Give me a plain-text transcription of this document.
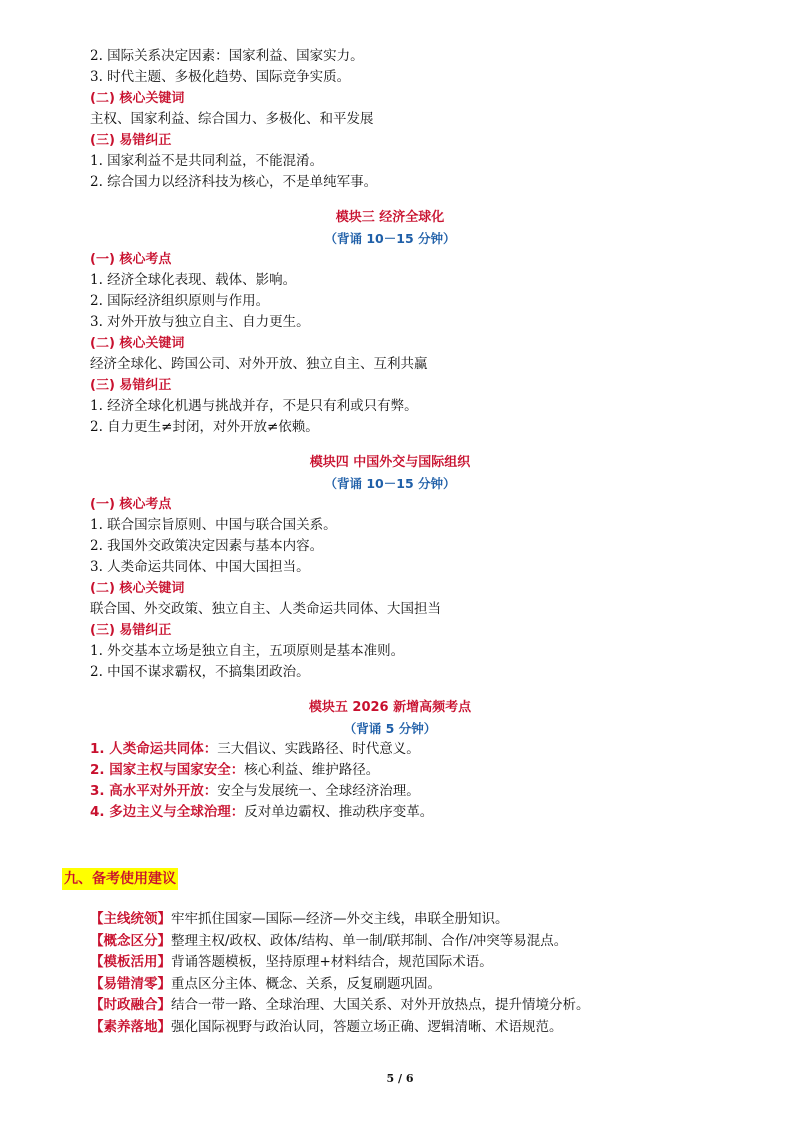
2. 国际关系决定因素：国家利益、国家实力。
3. 时代主题、多极化趋势、国际竞争实质。
(二) 核心关键词
主权、国家利益、综合国力、多极化、和平发展
(三) 易错纠正
1. 国家利益不是共同利益，不能混淆。
2. 综合国力以经济科技为核心，不是单纯军事。
模块三 经济全球化
（背诵 10－15 分钟）
(一) 核心考点
1. 经济全球化表现、载体、影响。
2. 国际经济组织原则与作用。
3. 对外开放与独立自主、自力更生。
(二) 核心关键词
经济全球化、跨国公司、对外开放、独立自主、互利共赢
(三) 易错纠正
1. 经济全球化机遇与挑战并存，不是只有利或只有弊。
2. 自力更生≠封闭，对外开放≠依赖。
模块四 中国外交与国际组织
（背诵 10－15 分钟）
(一) 核心考点
1. 联合国宗旨原则、中国与联合国关系。
2. 我国外交政策决定因素与基本内容。
3. 人类命运共同体、中国大国担当。
(二) 核心关键词
联合国、外交政策、独立自主、人类命运共同体、大国担当
(三) 易错纠正
1. 外交基本立场是独立自主，五项原则是基本准则。
2. 中国不谋求霸权，不搞集团政治。
模块五 2026 新增高频考点
（背诵 5 分钟）
1. 人类命运共同体：三大倡议、实践路径、时代意义。
2. 国家主权与国家安全：核心利益、维护路径。
3. 高水平对外开放：安全与发展统一、全球经济治理。
4. 多边主义与全球治理：反对单边霸权、推动秩序变革。
九、备考使用建议
【主线统领】牢牢抓住国家—国际—经济—外交主线，串联全册知识。
【概念区分】整理主权/政权、政体/结构、单一制/联邦制、合作/冲突等易混点。
【模板活用】背诵答题模板，坚持原理+材料结合，规范国际术语。
【易错清零】重点区分主体、概念、关系，反复刷题巩固。
【时政融合】结合一带一路、全球治理、大国关系、对外开放热点，提升情境分析。
【素养落地】强化国际视野与政治认同，答题立场正确、逻辑清晰、术语规范。
5 / 6
